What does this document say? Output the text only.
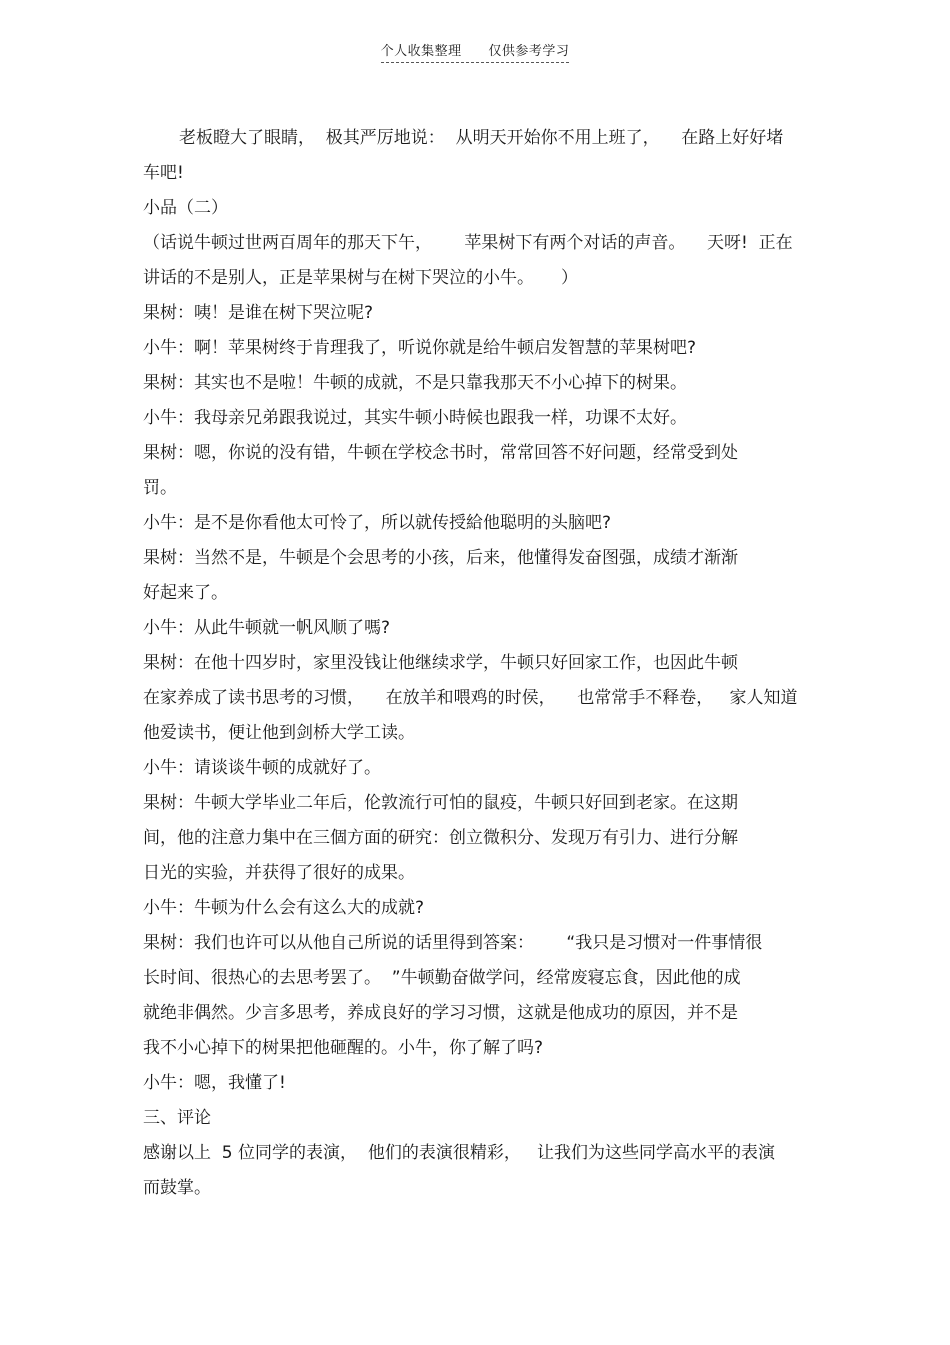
个人收集整理 仅供参考学习
老板瞪大了眼睛，  极其严厉地说：  从明天开始你不用上班了，    在路上好好堵
车吧!
小品（二）
（话说牛顿过世两百周年的那天下午，      苹果树下有两个对话的声音。    天呀!  正在
讲话的不是别人，正是苹果树与在树下哭泣的小牛。     ）
果树：咦！是谁在树下哭泣呢?
小牛：啊！苹果树终于肯理我了，听说你就是给牛顿启发智慧的苹果树吧?
果树：其实也不是啦！牛顿的成就，不是只靠我那天不小心掉下的树果。
小牛：我母亲兄弟跟我说过，其实牛顿小時候也跟我一样，功课不太好。
果树：嗯，你说的没有错，牛顿在学校念书时，常常回答不好问题，经常受到处
罚。
小牛：是不是你看他太可怜了，所以就传授給他聪明的头脑吧?
果树：当然不是，牛顿是个会思考的小孩，后来，他懂得发奋图强，成绩才渐渐
好起来了。
小牛：从此牛顿就一帆风顺了嗎?
果树：在他十四岁时，家里没钱让他继续求学，牛顿只好回家工作，也因此牛顿
在家养成了读书思考的习惯，    在放羊和喂鸡的时侯，    也常常手不释卷，   家人知道
他爱读书，便让他到剑桥大学工读。
小牛：请谈谈牛顿的成就好了。
果树：牛顿大学毕业二年后，伦敦流行可怕的鼠疫，牛顿只好回到老家。在这期
间，他的注意力集中在三個方面的研究：创立微积分、发现万有引力、进行分解
日光的实验，并获得了很好的成果。
小牛：牛顿为什么会有这么大的成就?
果树：我们也许可以从他自己所说的话里得到答案：      “我只是习惯对一件事情很
长时间、很热心的去思考罢了。  ”牛顿勤奋做学问，经常废寝忘食，因此他的成
就绝非偶然。少言多思考，养成良好的学习习惯，这就是他成功的原因，并不是
我不小心掉下的树果把他砸醒的。小牛，你了解了吗?
小牛：嗯，我懂了!
三、评论
感谢以上  5 位同学的表演，  他们的表演很精彩，   让我们为这些同学高水平的表演
而鼓掌。
